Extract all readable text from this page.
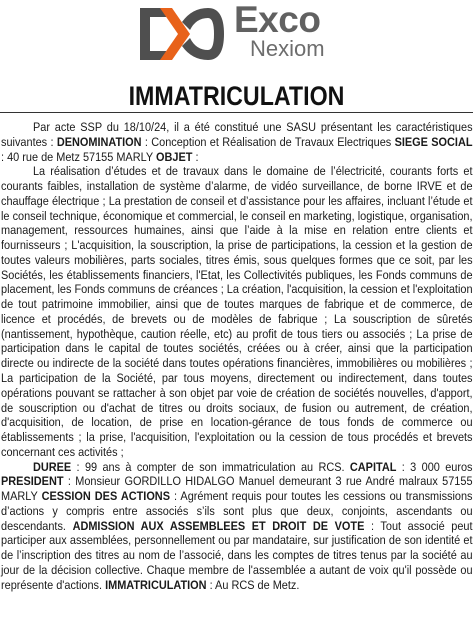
Exco
Nexiom
IMMATRICULATION

Par acte SSP du 18/10/24, il a été constitué une SASU présentant les caractéristiques suivantes : DENOMINATION : Conception et Réalisation de Travaux Electriques SIEGE SOCIAL : 40 rue de Metz 57155 MARLY OBJET :

La réalisation d’études et de travaux dans le domaine de l’électricité, courants forts et courants faibles, installation de système d’alarme, de vidéo surveillance, de borne IRVE et de chauffage électrique ; La prestation de conseil et d’assistance pour les affaires, incluant l’étude et le conseil technique, économique et commercial, le conseil en marketing, logistique, organisation, management, ressources humaines, ainsi que l’aide à la mise en relation entre clients et fournisseurs ; L'acquisition, la souscription, la prise de participations, la cession et la gestion de toutes valeurs mobilières, parts sociales, titres émis, sous quelques formes que ce soit, par les Sociétés, les établissements financiers, l'Etat, les Collectivités publiques, les Fonds communs de placement, les Fonds communs de créances ; La création, l'acquisition, la cession et l'exploitation de tout patrimoine immobilier, ainsi que de toutes marques de fabrique et de commerce, de licence et procédés, de brevets ou de modèles de fabrique ; La souscription de sûretés (nantissement, hypothèque, caution réelle, etc) au profit de tous tiers ou associés ; La prise de participation dans le capital de toutes sociétés, créées ou à créer, ainsi que la participation directe ou indirecte de la société dans toutes opérations financières, immobilières ou mobilières ; La participation de la Société, par tous moyens, directement ou indirectement, dans toutes opérations pouvant se rattacher à son objet par voie de création de sociétés nouvelles, d'apport, de souscription ou d'achat de titres ou droits sociaux, de fusion ou autrement, de création, d'acquisition, de location, de prise en location-gérance de tous fonds de commerce ou établissements ; la prise, l'acquisition, l'exploitation ou la cession de tous procédés et brevets concernant ces activités ;

DUREE : 99 ans à compter de son immatriculation au RCS. CAPITAL : 3 000 euros PRESIDENT : Monsieur GORDILLO HIDALGO Manuel demeurant 3 rue André malraux 57155 MARLY CESSION DES ACTIONS : Agrément requis pour toutes les cessions ou transmissions d’actions y compris entre associés s’ils sont plus que deux, conjoints, ascendants ou descendants. ADMISSION AUX ASSEMBLEES ET DROIT DE VOTE : Tout associé peut participer aux assemblées, personnellement ou par mandataire, sur justification de son identité et de l’inscription des titres au nom de l’associé, dans les comptes de titres tenus par la société au jour de la décision collective. Chaque membre de l'assemblée a autant de voix qu'il possède ou représente d'actions. IMMATRICULATION : Au RCS de Metz.
